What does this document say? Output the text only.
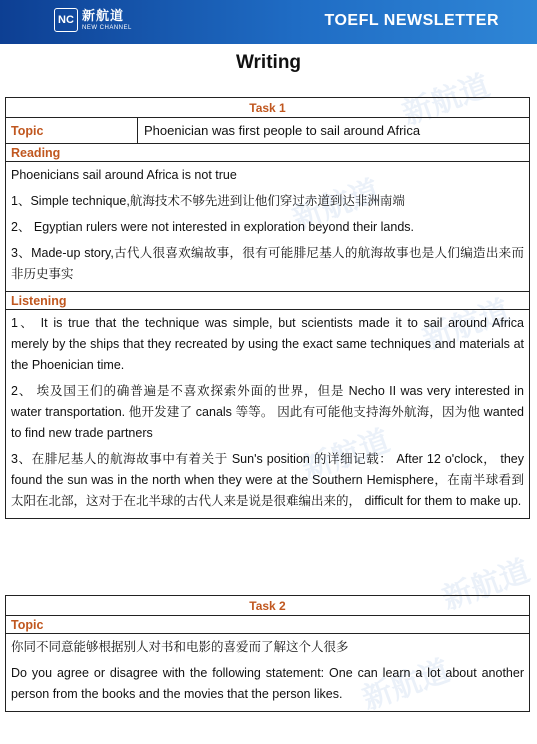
NC 新航道
NEW CHANNEL	TOEFL NEWSLETTER
新航道
新航道
新航道
新航道
新航道
新航道
Writing
Task 1
Topic	Phoenician was first people to sail around Africa
Reading

Phoenicians sail around Africa is not true

1、Simple technique,航海技术不够先进到让他们穿过赤道到达非洲南端

2、 Egyptian rulers were not interested in exploration beyond their lands.

3、Made-up story,古代人很喜欢编故事，很有可能腓尼基人的航海故事也是人们编造出来而非历史事实

Listening

1、 It is true that the technique was simple, but scientists made it to sail around Africa merely by the ships that they recreated by using the exact same techniques and materials at the Phoenician time.

2、 埃及国王们的确普遍是不喜欢探索外面的世界，但是 Necho II was very interested in water transportation. 他开发建了 canals 等等。 因此有可能他支持海外航海，因为他 wanted to find new trade partners

3、在腓尼基人的航海故事中有着关于 Sun's position 的详细记载： After 12 o'clock， they found the sun was in the north when they were at the Southern Hemisphere，在南半球看到太阳在北部，这对于在北半球的古代人来是说是很难编出来的， difficult for them to make up.

Task 2
Topic

你同不同意能够根据别人对书和电影的喜爱而了解这个人很多

Do you agree or disagree with the following statement: One can learn a lot about another person from the books and the movies that the person likes.
